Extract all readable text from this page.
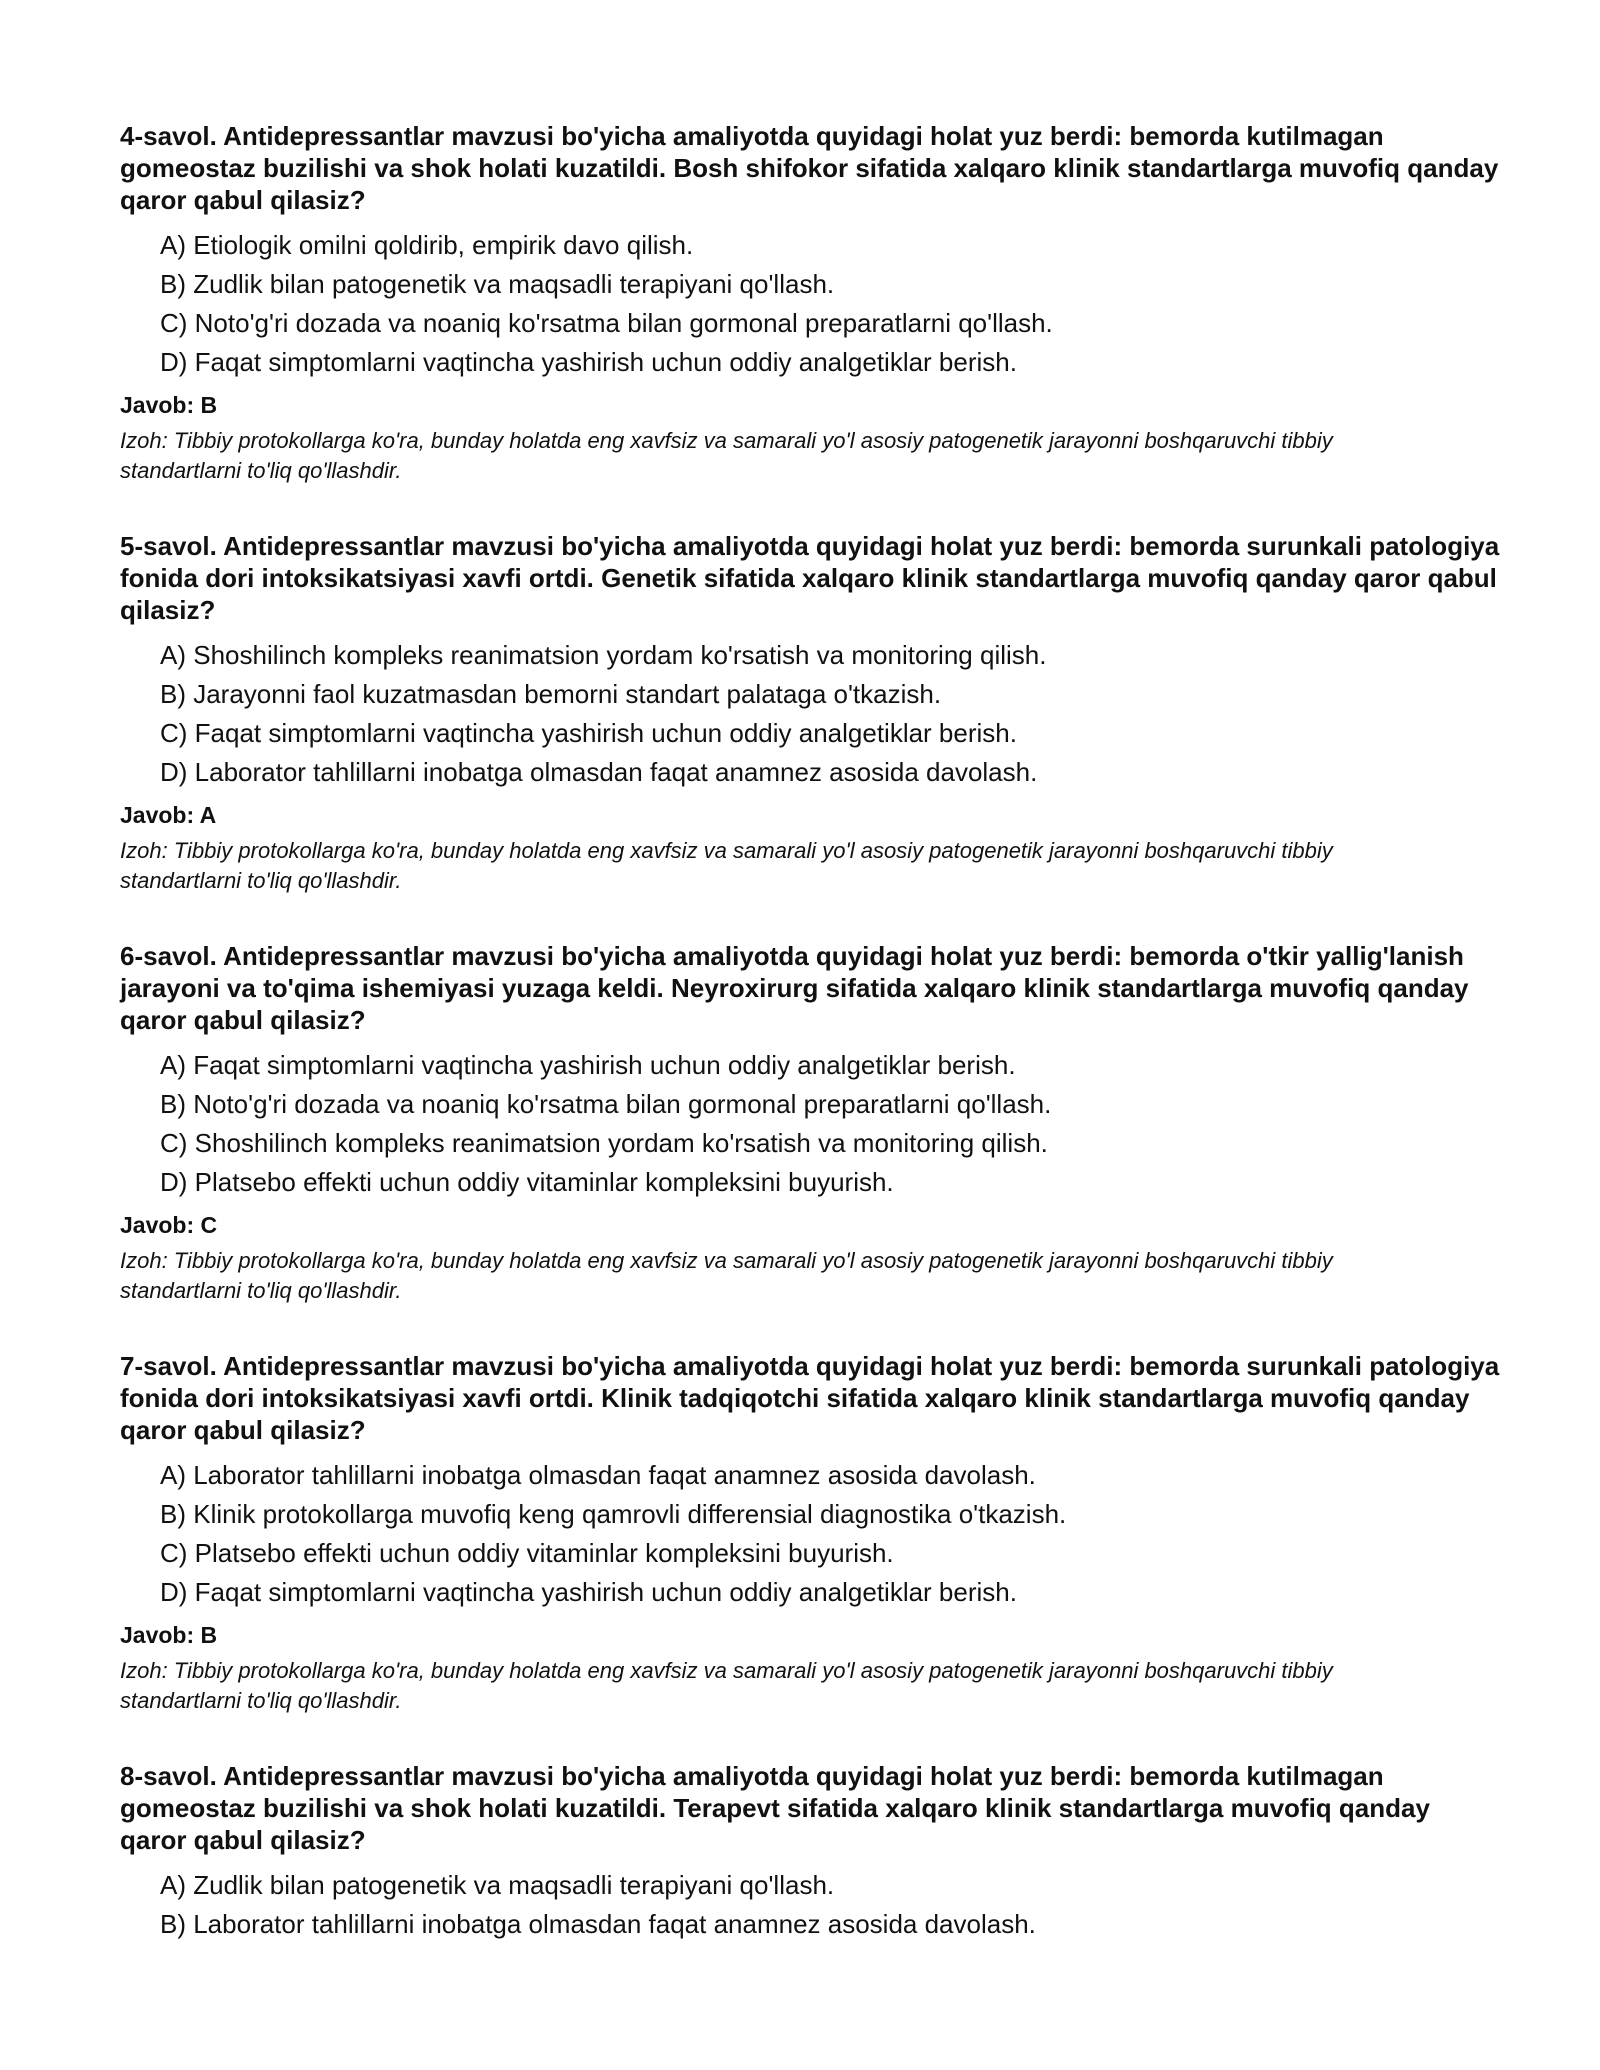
4-savol. Antidepressantlar mavzusi bo'yicha amaliyotda quyidagi holat yuz berdi: bemorda kutilmagan gomeostaz buzilishi va shok holati kuzatildi. Bosh shifokor sifatida xalqaro klinik standartlarga muvofiq qanday qaror qabul qilasiz?

A) Etiologik omilni qoldirib, empirik davo qilish.
B) Zudlik bilan patogenetik va maqsadli terapiyani qo'llash.
C) Noto'g'ri dozada va noaniq ko'rsatma bilan gormonal preparatlarni qo'llash.
D) Faqat simptomlarni vaqtincha yashirish uchun oddiy analgetiklar berish.

Javob: B

Izoh: Tibbiy protokollarga ko'ra, bunday holatda eng xavfsiz va samarali yo'l asosiy patogenetik jarayonni boshqaruvchi tibbiy standartlarni to'liq qo'llashdir.

5-savol. Antidepressantlar mavzusi bo'yicha amaliyotda quyidagi holat yuz berdi: bemorda surunkali patologiya fonida dori intoksikatsiyasi xavfi ortdi. Genetik sifatida xalqaro klinik standartlarga muvofiq qanday qaror qabul qilasiz?

A) Shoshilinch kompleks reanimatsion yordam ko'rsatish va monitoring qilish.
B) Jarayonni faol kuzatmasdan bemorni standart palataga o'tkazish.
C) Faqat simptomlarni vaqtincha yashirish uchun oddiy analgetiklar berish.
D) Laborator tahlillarni inobatga olmasdan faqat anamnez asosida davolash.

Javob: A

Izoh: Tibbiy protokollarga ko'ra, bunday holatda eng xavfsiz va samarali yo'l asosiy patogenetik jarayonni boshqaruvchi tibbiy standartlarni to'liq qo'llashdir.

6-savol. Antidepressantlar mavzusi bo'yicha amaliyotda quyidagi holat yuz berdi: bemorda o'tkir yallig'lanish jarayoni va to'qima ishemiyasi yuzaga keldi. Neyroxirurg sifatida xalqaro klinik standartlarga muvofiq qanday qaror qabul qilasiz?

A) Faqat simptomlarni vaqtincha yashirish uchun oddiy analgetiklar berish.
B) Noto'g'ri dozada va noaniq ko'rsatma bilan gormonal preparatlarni qo'llash.
C) Shoshilinch kompleks reanimatsion yordam ko'rsatish va monitoring qilish.
D) Platsebo effekti uchun oddiy vitaminlar kompleksini buyurish.

Javob: C

Izoh: Tibbiy protokollarga ko'ra, bunday holatda eng xavfsiz va samarali yo'l asosiy patogenetik jarayonni boshqaruvchi tibbiy standartlarni to'liq qo'llashdir.

7-savol. Antidepressantlar mavzusi bo'yicha amaliyotda quyidagi holat yuz berdi: bemorda surunkali patologiya fonida dori intoksikatsiyasi xavfi ortdi. Klinik tadqiqotchi sifatida xalqaro klinik standartlarga muvofiq qanday qaror qabul qilasiz?

A) Laborator tahlillarni inobatga olmasdan faqat anamnez asosida davolash.
B) Klinik protokollarga muvofiq keng qamrovli differensial diagnostika o'tkazish.
C) Platsebo effekti uchun oddiy vitaminlar kompleksini buyurish.
D) Faqat simptomlarni vaqtincha yashirish uchun oddiy analgetiklar berish.

Javob: B

Izoh: Tibbiy protokollarga ko'ra, bunday holatda eng xavfsiz va samarali yo'l asosiy patogenetik jarayonni boshqaruvchi tibbiy standartlarni to'liq qo'llashdir.

8-savol. Antidepressantlar mavzusi bo'yicha amaliyotda quyidagi holat yuz berdi: bemorda kutilmagan gomeostaz buzilishi va shok holati kuzatildi. Terapevt sifatida xalqaro klinik standartlarga muvofiq qanday qaror qabul qilasiz?

A) Zudlik bilan patogenetik va maqsadli terapiyani qo'llash.
B) Laborator tahlillarni inobatga olmasdan faqat anamnez asosida davolash.
